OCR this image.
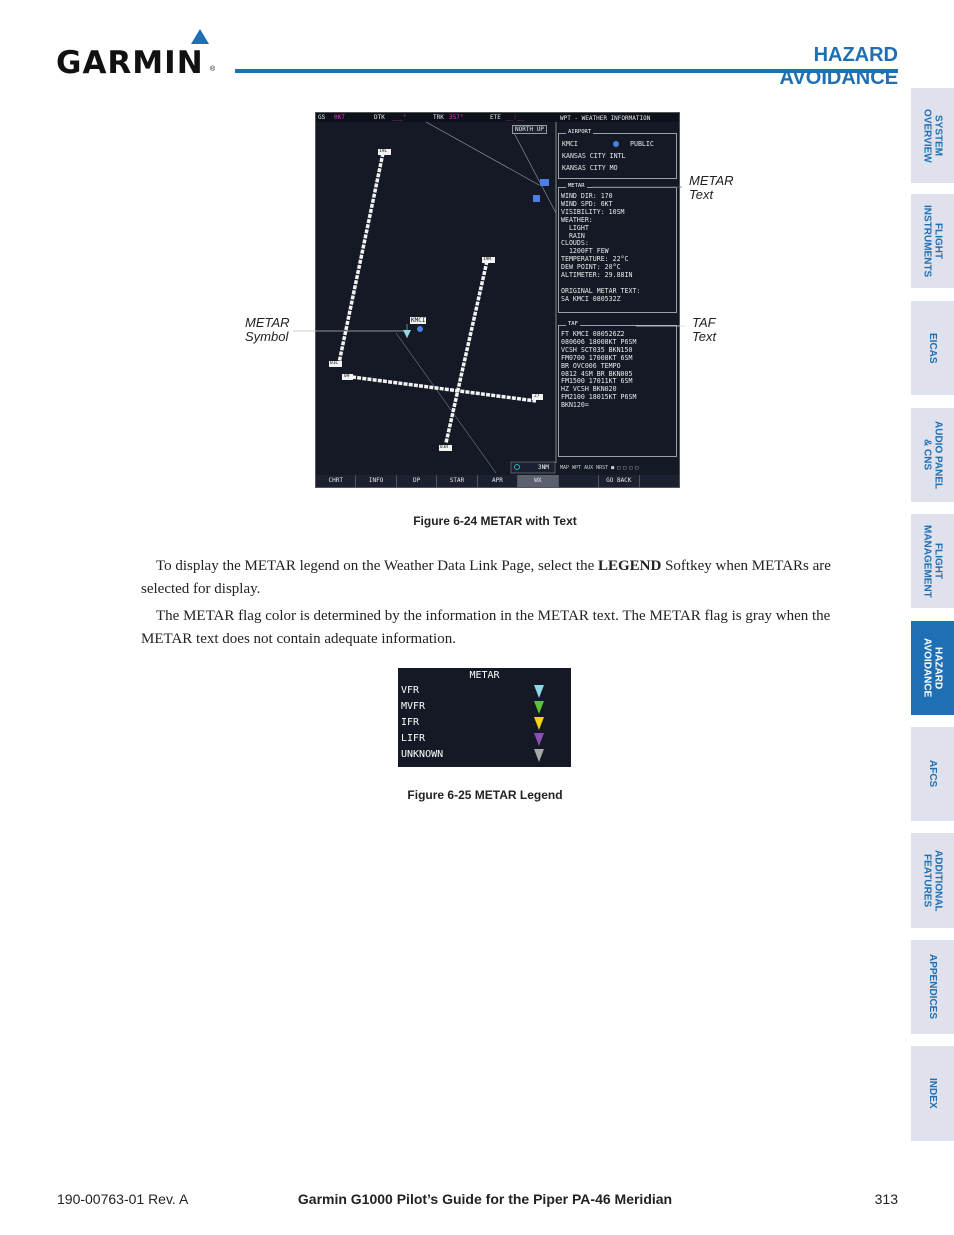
GARMIN ®
HAZARD AVOIDANCE
SYSTEM
OVERVIEW
FLIGHT
INSTRUMENTS
EICAS
AUDIO PANEL
& CNS
FLIGHT
MANAGEMENT
HAZARD
AVOIDANCE
AFCS
ADDITIONAL
FEATURES
APPENDICES
INDEX
GS 0KT	DTK ___°	TRK 357°	ETE __:__
NORTH UP
WPT - WEATHER INFORMATION
KMCI
19L
19R
01L
01R
09
27
3NM
AIRPORT
KMCI	PUBLIC
KANSAS CITY INTL
KANSAS CITY MO
METAR
WIND DIR: 170
WIND SPD: 6KT
VISIBILITY: 10SM
WEATHER:
LIGHT
RAIN
CLOUDS:
1200FT FEW
TEMPERATURE: 22°C
DEW POINT: 20°C
ALTIMETER: 29.88IN
ORIGINAL METAR TEXT:
SA KMCI 080532Z
TAF
FT KMCI 080526Z2
080606 18008KT P6SM
VCSH SCT035 BKN150
FM0700 17008KT 6SM
BR OVC006 TEMPO
0812 4SM BR BKN005
FM1500 17011KT 6SM
HZ VCSH BKN020
FM2100 18015KT P6SM
BKN120=
MAP WPT AUX NRST ■ □ □ □ □
CHRT	INFO	DP	STAR	APR	WX	GO BACK
METAR
Text
TAF
Text
METAR
Symbol
Figure 6-24 METAR with Text
To display the METAR legend on the Weather Data Link Page, select the LEGEND Softkey when METARs are selected for display.
The METAR flag color is determined by the information in the METAR text. The METAR flag is gray when the METAR text does not contain adequate information.
METAR
VFR
MVFR
IFR
LIFR
UNKNOWN
Figure 6-25 METAR Legend
190-00763-01 Rev. A	Garmin G1000 Pilot’s Guide for the Piper PA-46 Meridian	313
